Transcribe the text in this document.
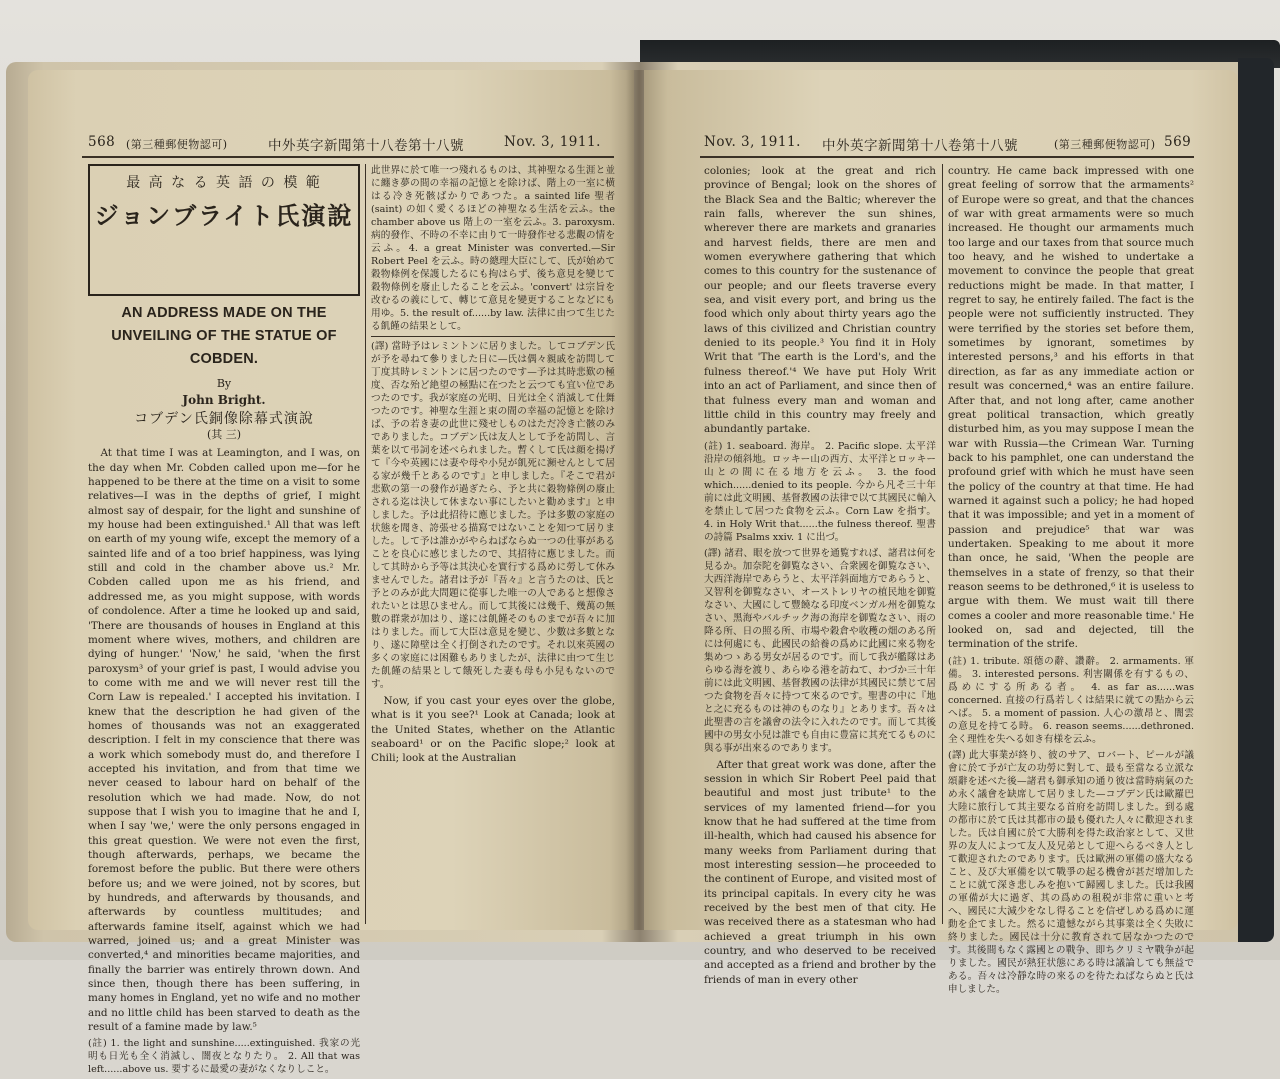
568 (第三種郵便物認可)	中外英字新聞第十八卷第十八號	Nov. 3, 1911.
最 高 な る 英 語 の 模 範
ジョンブライト氏演說
AN ADDRESS MADE ON THE UNVEILING OF THE STATUE OF COBDEN.
By
John Bright.
コブデン氏銅像除幕式演說
(其 三)

At that time I was at Leamington, and I was, on the day when Mr. Cobden called upon me—for he happened to be there at the time on a visit to some relatives—I was in the depths of grief, I might almost say of despair, for the light and sunshine of my house had been extinguished.¹ All that was left on earth of my young wife, except the memory of a sainted life and of a too brief happiness, was lying still and cold in the chamber above us.² Mr. Cobden called upon me as his friend, and addressed me, as you might suppose, with words of condolence. After a time he looked up and said, 'There are thousands of houses in England at this moment where wives, mothers, and children are dying of hunger.' 'Now,' he said, 'when the first paroxysm³ of your grief is past, I would advise you to come with me and we will never rest till the Corn Law is repealed.' I accepted his invitation. I knew that the description he had given of the homes of thousands was not an exaggerated description. I felt in my conscience that there was a work which somebody must do, and therefore I accepted his invitation, and from that time we never ceased to labour hard on behalf of the resolution which we had made. Now, do not suppose that I wish you to imagine that he and I, when I say 'we,' were the only persons engaged in this great question. We were not even the first, though afterwards, perhaps, we became the foremost before the public. But there were others before us; and we were joined, not by scores, but by hundreds, and afterwards by thousands, and afterwards by countless multitudes; and afterwards famine itself, against which we had warred, joined us; and a great Minister was converted,⁴ and minorities became majorities, and finally the barrier was entirely thrown down. And since then, though there has been suffering, in many homes in England, yet no wife and no mother and no little child has been starved to death as the result of a famine made by law.⁵

(註) 1. the light and sunshine.....extinguished. 我家の光明も日光も全く消滅し、闇夜となりたり。 2. All that was left......above us. 要するに最愛の妻がなくなりしこと。

此世界に於て唯一つ殘れるものは、其神聖なる生涯と並に纏き夢の間の幸福の記憶とを除けば、階上の一室に横はる冷き死骸ばかりであつた。a sainted life 聖者 (saint) の如く愛くるほどの神聖なる生活を云ふ。the chamber above us 階上の一室を云ふ。3. paroxysm. 病的發作、不時の不幸に由りて一時發作せる悲觀の情を云ふ。4. a great Minister was converted.—Sir Robert Peel を云ふ。時の總理大臣にして、氏が始めて穀物條例を保護したるにも拘はらず、後ち意見を變じて穀物條例を廢止したることを云ふ。'convert' は宗旨を改むるの義にして、轉じて意見を變更することなどにも用ゆ。5. the result of......by law. 法律に由つて生じたる飢饉の結果として。

(譯) 當時予はレミントンに居りました。してコブデン氏が予を尋ねて參りました日に—氏は偶々親戚を訪問して丁度其時レミントンに居つたのです—予は其時悲歎の極度、否な殆ど絶望の極點に在つたと云つても宜い位であつたのです。我が家庭の光明、日光は全く消滅して仕舞つたのです。神聖な生涯と束の間の幸福の記憶とを除けば、予の若き妻の此世に殘せしものはただ冷き亡骸のみでありました。コブデン氏は友人として予を訪問し、言葉を以て弔詞を述べられました。暫くして氏は顔を揚げて『今や英國には妻や母や小兒が飢死に瀕せんとして居る家が幾千とあるのです』と申しました。『そこで君が悲歎の第一の發作が過ぎたら、予と共に穀物條例の廢止される迄は決して休まない事にしたいと勸めます』と申しました。予は此招待に應じました。予は多數の家庭の状態を聞き、誇張せる描寫ではないことを知つて居りました。して予は誰かがやらねばならぬ一つの仕事があることを良心に感じましたので、其招待に應じました。而して其時から予等は其決心を實行する爲めに勞して休みませんでした。諸君は予が『吾々』と言うたのは、氏と予とのみが此大問題に從事した唯一の人であると想像されたいとは思ひません。而して其後には幾千、幾萬の無數の群衆が加はり、遂には飢饉そのものまでが吾々に加はりました。而して大臣は意見を變じ、少數は多數となり、遂に障壁は全く打倒されたのです。それ以來英國の多くの家庭には困難もありましたが、法律に由つて生じた飢饉の結果として餓死した妻も母も小兒もないのです。

Now, if you cast your eyes over the globe, what is it you see?¹ Look at Canada; look at the United States, whether on the Atlantic seaboard¹ or on the Pacific slope;² look at Chili; look at the Australian

Nov. 3, 1911. 中外英字新聞第十八卷第十八號	(第三種郵便物認可) 569

colonies; look at the great and rich province of Bengal; look on the shores of the Black Sea and the Baltic; wherever the rain falls, wherever the sun shines, wherever there are markets and granaries and harvest fields, there are men and women everywhere gathering that which comes to this country for the sustenance of our people; and our fleets traverse every sea, and visit every port, and bring us the food which only about thirty years ago the laws of this civilized and Christian country denied to its people.³ You find it in Holy Writ that 'The earth is the Lord's, and the fulness thereof.'⁴ We have put Holy Writ into an act of Parliament, and since then of that fulness every man and woman and little child in this country may freely and abundantly partake.

(註) 1. seaboard. 海岸。 2. Pacific slope. 太平洋沿岸の傾斜地。ロッキー山の西方、太平洋とロッキー山との間に在る地方を云ふ。 3. the food which......denied to its people. 今から凡そ三十年前には此文明國、基督教國の法律で以て其國民に輸入を禁止して居つた食物を云ふ。Corn Law を指す。 4. in Holy Writ that......the fulness thereof. 聖書の詩篇 Psalms xxiv. 1 に出づ。

(譯) 諸君、眼を放つて世界を通覧すれば、諸君は何を見るか。加奈陀を御覧なさい、合衆國を御覧なさい、大西洋海岸であらうと、太平洋斜面地方であらうと、又智利を御覧なさい、オーストレリヤの植民地を御覧なさい、大國にして豐饒なる印度ベンガル州を御覧なさい、黑海やバルチック海の海岸を御覧なさい、雨の降る所、日の照る所、市場や穀倉や收穫の畑のある所には何處にも、此國民の給養の爲めに此國に來る物を集めつゝある男女が居るのです。而して我が艦隊はあらゆる海を渡り、あらゆる港を訪ねて、わづか三十年前には此文明國、基督教國の法律が其國民に禁じて居つた食物を吾々に持つて來るのです。聖書の中に『地と之に充るものは神のものなり』とあります。吾々は此聖書の言を議會の法令に入れたのです。而して其後國中の男女小兒は誰でも自由に豊富に其充てるものに與る事が出來るのであります。

After that great work was done, after the session in which Sir Robert Peel paid that beautiful and most just tribute¹ to the services of my lamented friend—for you know that he had suffered at the time from ill-health, which had caused his absence for many weeks from Parliament during that most interesting session—he proceeded to the continent of Europe, and visited most of its principal capitals. In every city he was received by the best men of that city. He was received there as a statesman who had achieved a great triumph in his own country, and who deserved to be received and accepted as a friend and brother by the friends of man in every other

country. He came back impressed with one great feeling of sorrow that the armaments² of Europe were so great, and that the chances of war with great armaments were so much increased. He thought our armaments much too large and our taxes from that source much too heavy, and he wished to undertake a movement to convince the people that great reductions might be made. In that matter, I regret to say, he entirely failed. The fact is the people were not sufficiently instructed. They were terrified by the stories set before them, sometimes by ignorant, sometimes by interested persons,³ and his efforts in that direction, as far as any immediate action or result was concerned,⁴ was an entire failure. After that, and not long after, came another great political transaction, which greatly disturbed him, as you may suppose I mean the war with Russia—the Crimean War. Turning back to his pamphlet, one can understand the profound grief with which he must have seen the policy of the country at that time. He had warned it against such a policy; he had hoped that it was impossible; and yet in a moment of passion and prejudice⁵ that war was undertaken. Speaking to me about it more than once, he said, 'When the people are themselves in a state of frenzy, so that their reason seems to be dethroned,⁶ it is useless to argue with them. We must wait till there comes a cooler and more reasonable time.' He looked on, sad and dejected, till the termination of the strife.

(註) 1. tribute. 頌德の辭、讚辭。 2. armaments. 軍備。 3. interested persons. 利害關係を有するもの、爲めにする所ある者。 4. as far as......was concerned. 直接の行爲若しくは結果に就ての點から云へば。 5. a moment of passion. 人心の激昂と、闇雲の意見を持てる時。 6. reason seems......dethroned. 全く理性を失へる如き有様を云ふ。

(譯) 此大事業が終り、彼のサア、ロバート、ピールが議會に於て予が亡友の功勞に對して、最も至當なる立派な頌辭を述べた後—諸君も御承知の通り彼は當時病氣のため永く議會を缺席して居りました—コブデン氏は歐羅巴大陸に旅行して其主要なる首府を訪問しました。到る處の都市に於て氏は其都市の最も優れた人々に歡迎されました。氏は自國に於て大勝利を得た政治家として、又世界の友人によつて友人及兄弟として迎へらるべき人として歡迎されたのであります。氏は歐洲の軍備の盛大なること、及び大軍備を以て戰爭の起る機會が甚だ增加したことに就て深き悲しみを抱いて歸國しました。氏は我國の軍備が大に過ぎ、其の爲めの租税が非常に重いと考へ、國民に大減少をなし得ることを信ぜしめる爲めに運動を企てました。然るに遺憾ながら其事業は全く失敗に終りました。國民は十分に教育されて居なかつたのです。其後間もなく露國との戰争、即ちクリミヤ戰争が起りました。國民が熱狂状態にある時は議論しても無益である。吾々は冷靜な時の來るのを待たねばならぬと氏は申しました。
